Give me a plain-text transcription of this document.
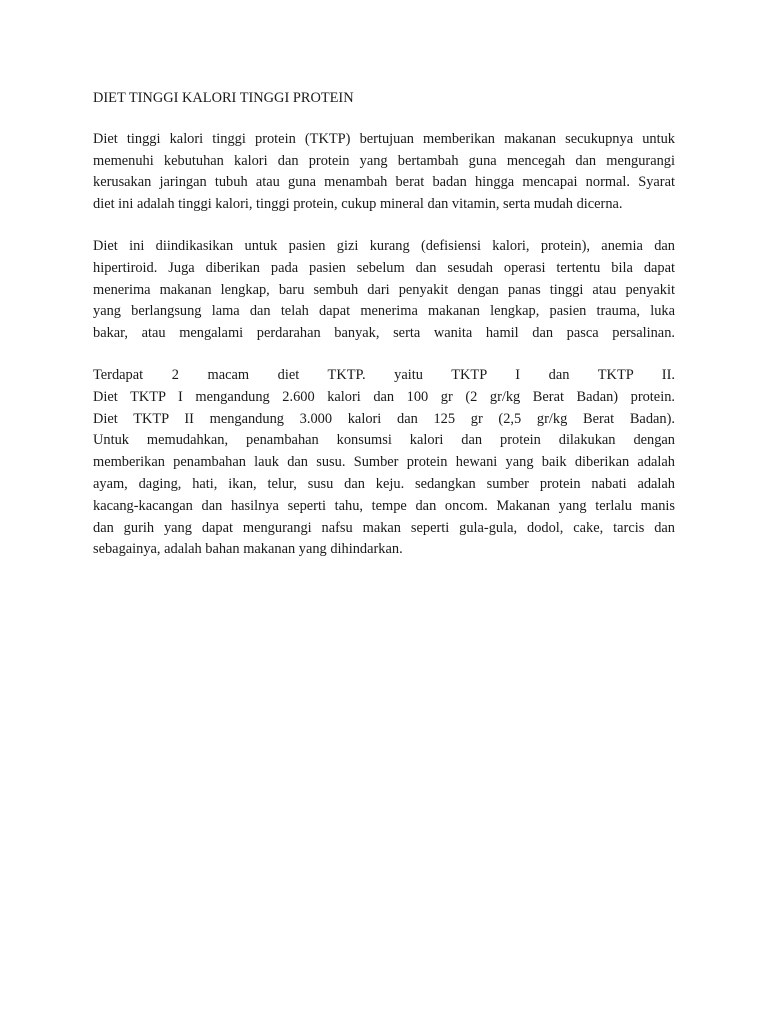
DIET TINGGI KALORI TINGGI PROTEIN
Diet tinggi kalori tinggi protein (TKTP) bertujuan memberikan makanan secukupnya untuk
memenuhi kebutuhan kalori dan protein yang bertambah guna mencegah dan mengurangi
kerusakan jaringan tubuh atau guna menambah berat badan hingga mencapai normal. Syarat
diet ini adalah tinggi kalori, tinggi protein, cukup mineral dan vitamin, serta mudah dicerna.
Diet ini diindikasikan untuk pasien gizi kurang (defisiensi kalori, protein), anemia dan
hipertiroid. Juga diberikan pada pasien sebelum dan sesudah operasi tertentu bila dapat
menerima makanan lengkap, baru sembuh dari penyakit dengan panas tinggi atau penyakit
yang berlangsung lama dan telah dapat menerima makanan lengkap, pasien trauma, luka
bakar, atau mengalami perdarahan banyak, serta wanita hamil dan pasca persalinan.
Terdapat 2 macam diet TKTP. yaitu TKTP I dan TKTP II.
Diet TKTP I mengandung 2.600 kalori dan 100 gr (2 gr/kg Berat Badan) protein.
Diet TKTP II mengandung 3.000 kalori dan 125 gr (2,5 gr/kg Berat Badan).
Untuk memudahkan, penambahan konsumsi kalori dan protein dilakukan dengan
memberikan penambahan lauk dan susu. Sumber protein hewani yang baik diberikan adalah
ayam, daging, hati, ikan, telur, susu dan keju. sedangkan sumber protein nabati adalah
kacang-kacangan dan hasilnya seperti tahu, tempe dan oncom. Makanan yang terlalu manis
dan gurih yang dapat mengurangi nafsu makan seperti gula-gula, dodol, cake, tarcis dan
sebagainya, adalah bahan makanan yang dihindarkan.
